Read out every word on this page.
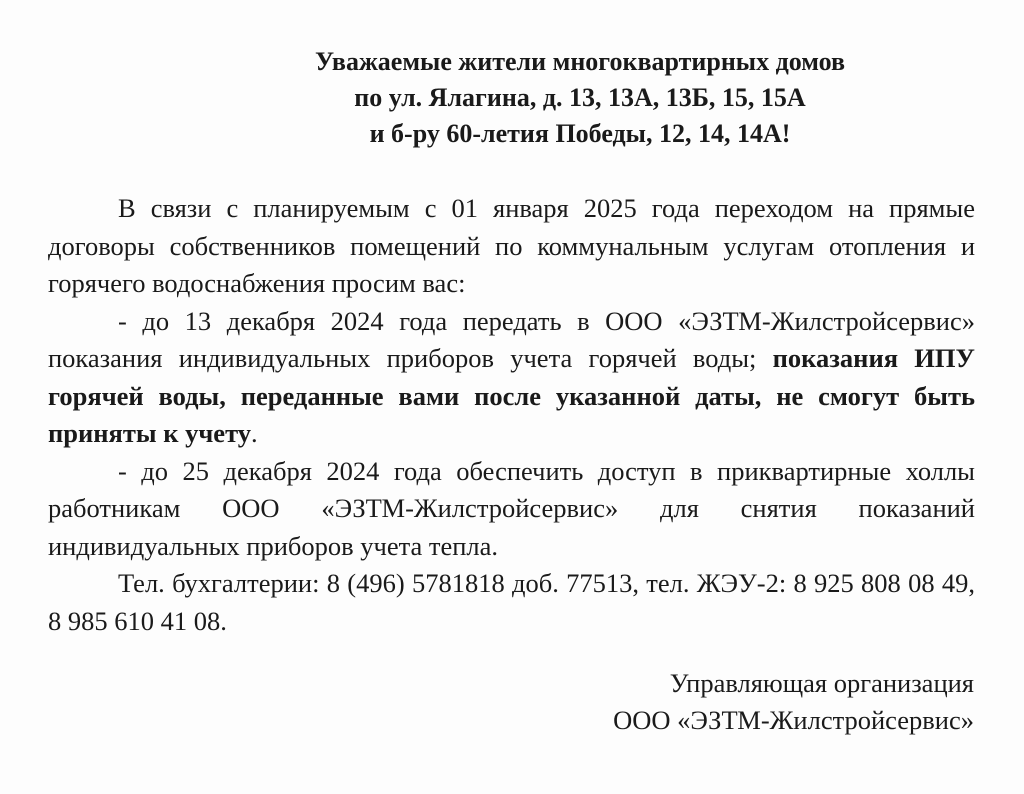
Уважаемые жители многоквартирных домов
по ул. Ялагина, д. 13, 13А, 13Б, 15, 15А
и б-ру 60-летия Победы, 12, 14, 14А!

В связи с планируемым с 01 января 2025 года переходом на прямые договоры собственников помещений по коммунальным услугам отопления и горячего водоснабжения просим вас:

- до 13 декабря 2024 года передать в ООО «ЭЗТМ-Жилстройсервис» показания индивидуальных приборов учета горячей воды; показания ИПУ горячей воды, переданные вами после указанной даты, не смогут быть приняты к учету.

- до 25 декабря 2024 года обеспечить доступ в приквартирные холлы работникам ООО «ЭЗТМ-Жилстройсервис» для снятия показаний индивидуальных приборов учета тепла.

Тел. бухгалтерии: 8 (496) 5781818 доб. 77513, тел. ЖЭУ-2: 8 925 808 08 49, 8 985 610 41 08.

Управляющая организация
ООО «ЭЗТМ-Жилстройсервис»
